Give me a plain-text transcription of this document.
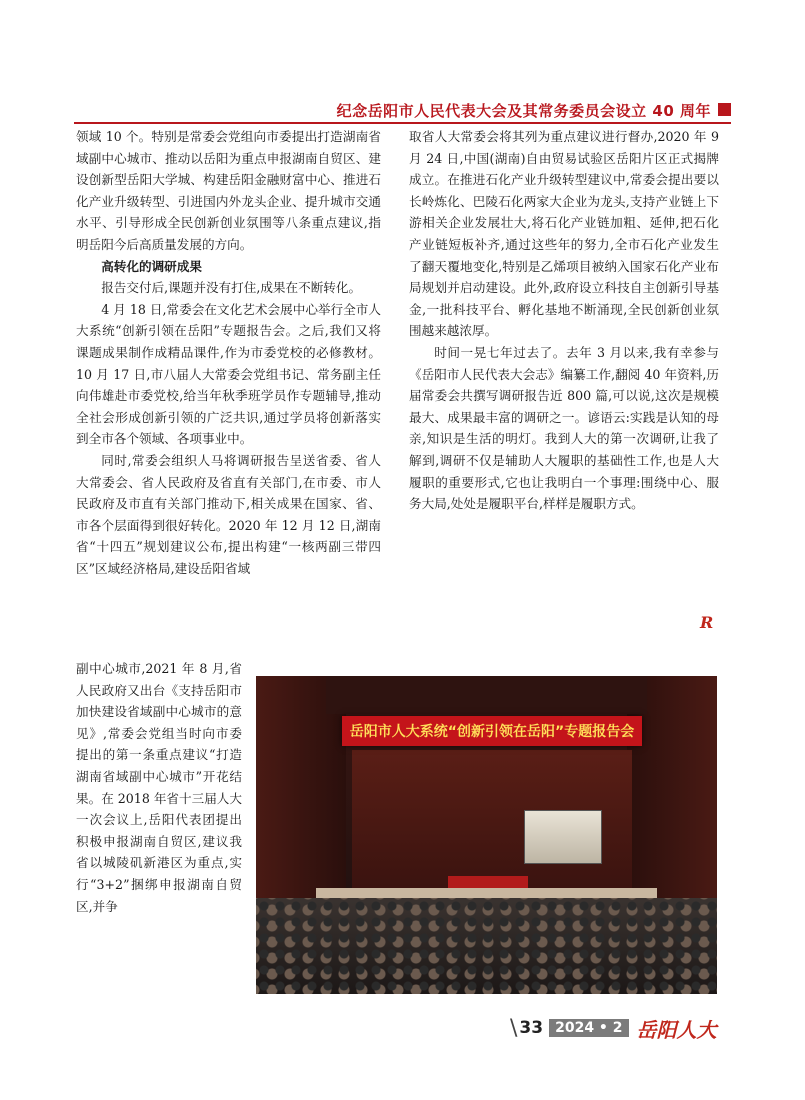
纪念岳阳市人民代表大会及其常务委员会设立 40 周年

领域 10 个。特别是常委会党组向市委提出打造湖南省域副中心城市、推动以岳阳为重点申报湖南自贸区、建设创新型岳阳大学城、构建岳阳金融财富中心、推进石化产业升级转型、引进国内外龙头企业、提升城市交通水平、引导形成全民创新创业氛围等八条重点建议,指明岳阳今后高质量发展的方向。

高转化的调研成果

报告交付后,课题并没有打住,成果在不断转化。

4 月 18 日,常委会在文化艺术会展中心举行全市人大系统“创新引领在岳阳”专题报告会。之后,我们又将课题成果制作成精品课件,作为市委党校的必修教材。10 月 17 日,市八届人大常委会党组书记、常务副主任向伟雄赴市委党校,给当年秋季班学员作专题辅导,推动全社会形成创新引领的广泛共识,通过学员将创新落实到全市各个领域、各项事业中。

同时,常委会组织人马将调研报告呈送省委、省人大常委会、省人民政府及省直有关部门,在市委、市人民政府及市直有关部门推动下,相关成果在国家、省、市各个层面得到很好转化。2020 年 12 月 12 日,湖南省“十四五”规划建议公布,提出构建“一核两副三带四区”区域经济格局,建设岳阳省域

副中心城市,2021 年 8 月,省人民政府又出台《支持岳阳市加快建设省域副中心城市的意见》,常委会党组当时向市委提出的第一条重点建议“打造湖南省域副中心城市”开花结果。在 2018 年省十三届人大一次会议上,岳阳代表团提出积极申报湖南自贸区,建议我省以城陵矶新港区为重点,实行“3+2”捆绑申报湖南自贸区,并争

取省人大常委会将其列为重点建议进行督办,2020 年 9 月 24 日,中国(湖南)自由贸易试验区岳阳片区正式揭牌成立。在推进石化产业升级转型建议中,常委会提出要以长岭炼化、巴陵石化两家大企业为龙头,支持产业链上下游相关企业发展壮大,将石化产业链加粗、延伸,把石化产业链短板补齐,通过这些年的努力,全市石化产业发生了翻天覆地变化,特别是乙烯项目被纳入国家石化产业布局规划并启动建设。此外,政府设立科技自主创新引导基金,一批科技平台、孵化基地不断涌现,全民创新创业氛围越来越浓厚。

时间一晃七年过去了。去年 3 月以来,我有幸参与《岳阳市人民代表大会志》编纂工作,翻阅 40 年资料,历届常委会共撰写调研报告近 800 篇,可以说,这次是规模最大、成果最丰富的调研之一。谚语云:实践是认知的母亲,知识是生活的明灯。我到人大的第一次调研,让我了解到,调研不仅是辅助人大履职的基础性工作,也是人大履职的重要形式,它也让我明白一个事理:围绕中心、服务大局,处处是履职平台,样样是履职方式。

R
岳阳市人大系统“创新引领在岳阳”专题报告会
\ 33 2024 • 2 岳阳人大
